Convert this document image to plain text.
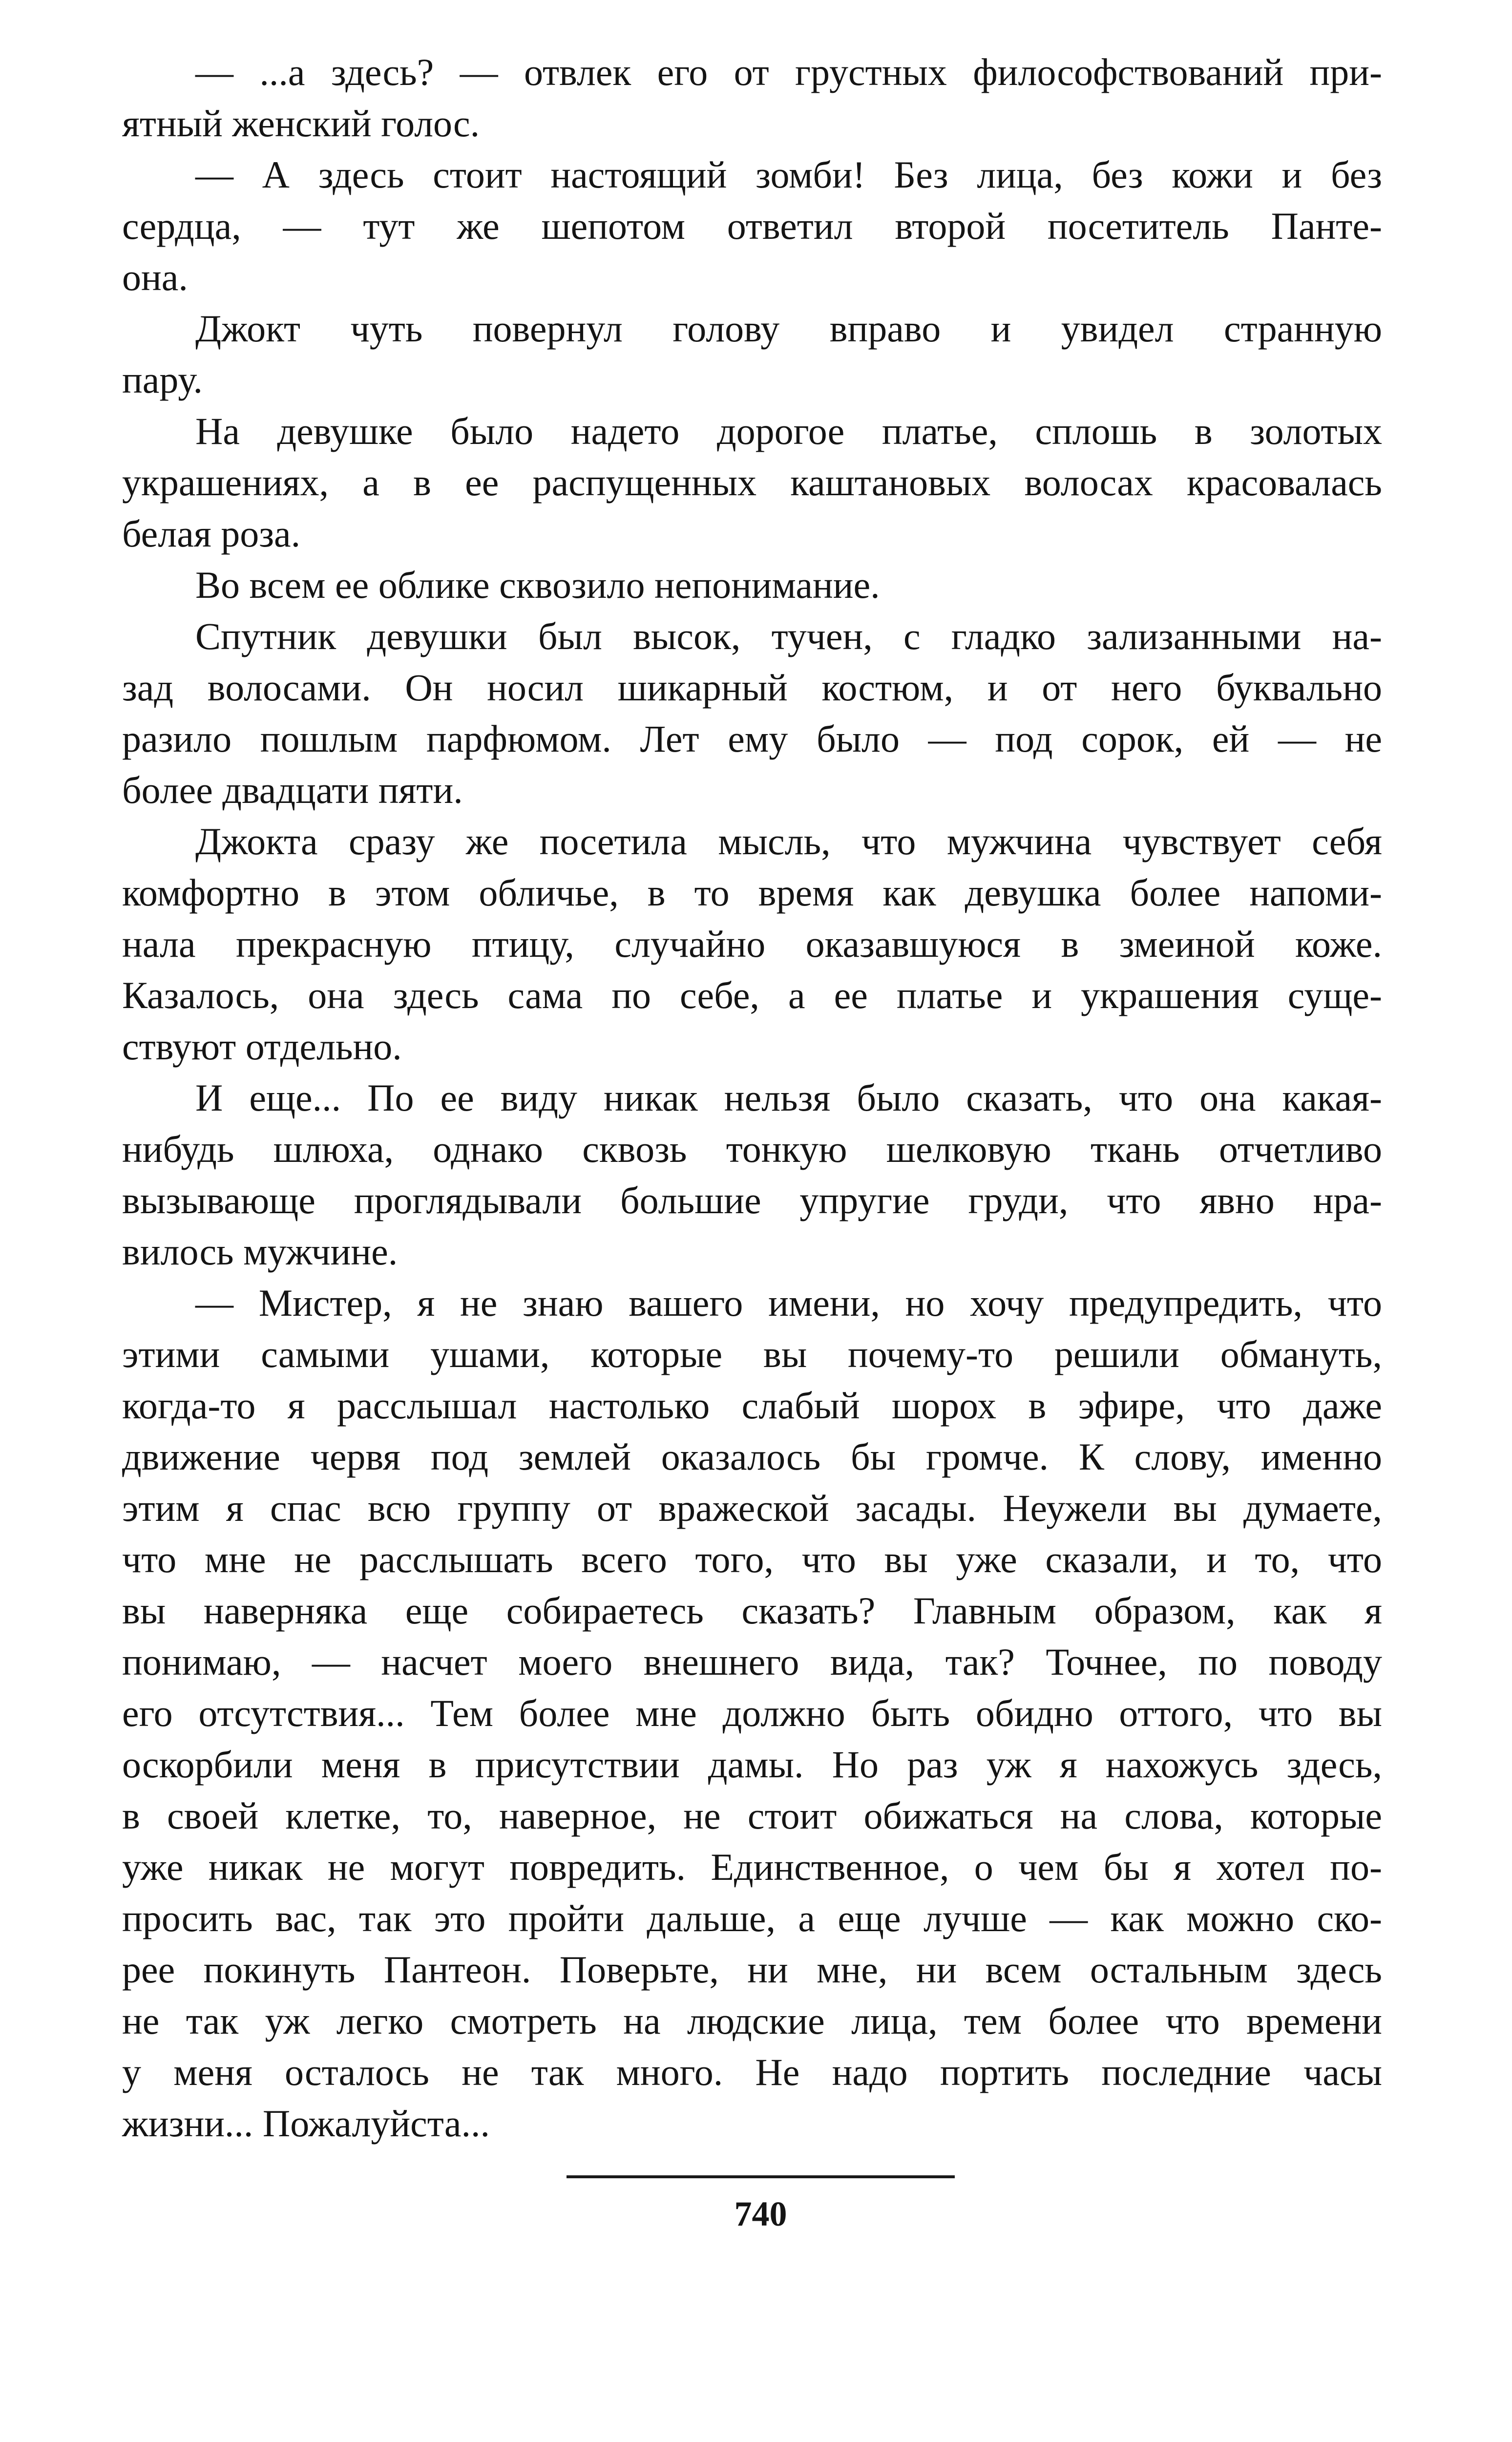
— ...а здесь? — отвлек его от грустных философствований при-
ятный женский голос.
— А здесь стоит настоящий зомби! Без лица, без кожи и без
сердца, — тут же шепотом ответил второй посетитель Панте-
она.
Джокт чуть повернул голову вправо и увидел странную
пару.
На девушке было надето дорогое платье, сплошь в золотых
украшениях, а в ее распущенных каштановых волосах красовалась
белая роза.
Во всем ее облике сквозило непонимание.
Спутник девушки был высок, тучен, с гладко зализанными на-
зад волосами. Он носил шикарный костюм, и от него буквально
разило пошлым парфюмом. Лет ему было — под сорок, ей — не
более двадцати пяти.
Джокта сразу же посетила мысль, что мужчина чувствует себя
комфортно в этом обличье, в то время как девушка более напоми-
нала прекрасную птицу, случайно оказавшуюся в змеиной коже.
Казалось, она здесь сама по себе, а ее платье и украшения суще-
ствуют отдельно.
И еще... По ее виду никак нельзя было сказать, что она какая-
нибудь шлюха, однако сквозь тонкую шелковую ткань отчетливо
вызывающе проглядывали большие упругие груди, что явно нра-
вилось мужчине.
— Мистер, я не знаю вашего имени, но хочу предупредить, что
этими самыми ушами, которые вы почему-то решили обмануть,
когда-то я расслышал настолько слабый шорох в эфире, что даже
движение червя под землей оказалось бы громче. К слову, именно
этим я спас всю группу от вражеской засады. Неужели вы думаете,
что мне не расслышать всего того, что вы уже сказали, и то, что
вы наверняка еще собираетесь сказать? Главным образом, как я
понимаю, — насчет моего внешнего вида, так? Точнее, по поводу
его отсутствия... Тем более мне должно быть обидно оттого, что вы
оскорбили меня в присутствии дамы. Но раз уж я нахожусь здесь,
в своей клетке, то, наверное, не стоит обижаться на слова, которые
уже никак не могут повредить. Единственное, о чем бы я хотел по-
просить вас, так это пройти дальше, а еще лучше — как можно ско-
рее покинуть Пантеон. Поверьте, ни мне, ни всем остальным здесь
не так уж легко смотреть на людские лица, тем более что времени
у меня осталось не так много. Не надо портить последние часы
жизни... Пожалуйста...
740
